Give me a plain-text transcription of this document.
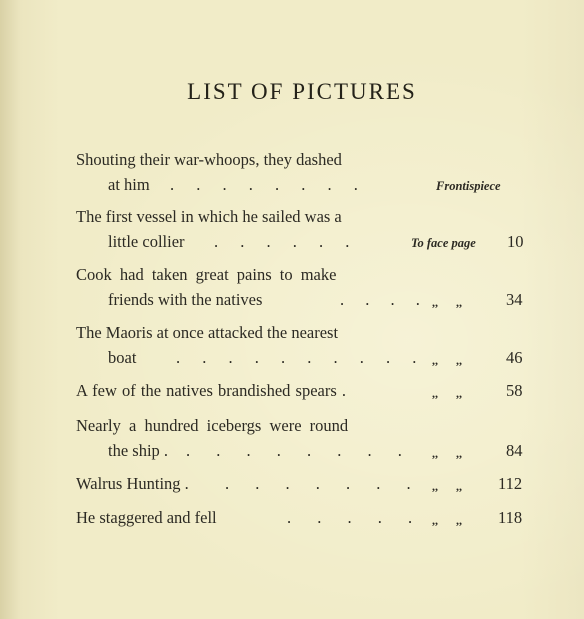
LIST OF PICTURES
Shouting their war-whoops, they dashed
at him . . . . . . . .	Frontispiece
The first vessel in which he sailed was a
little collier . . . . . .	To face page 10
Cook had taken great pains to make
friends with the natives	. . . . ,,      ,,	34
The Maoris at once attacked the nearest
boat . . . . . . . . . . ,,      ,,	46
A few of the natives brandished spears .	,,      ,,	58
Nearly a hundred icebergs were round
the ship . . . . . . . . .	,,      ,,	84
Walrus Hunting . . . . . . . . ,,      ,, 112
He staggered and fell	. . . . . ,,      ,, 118
